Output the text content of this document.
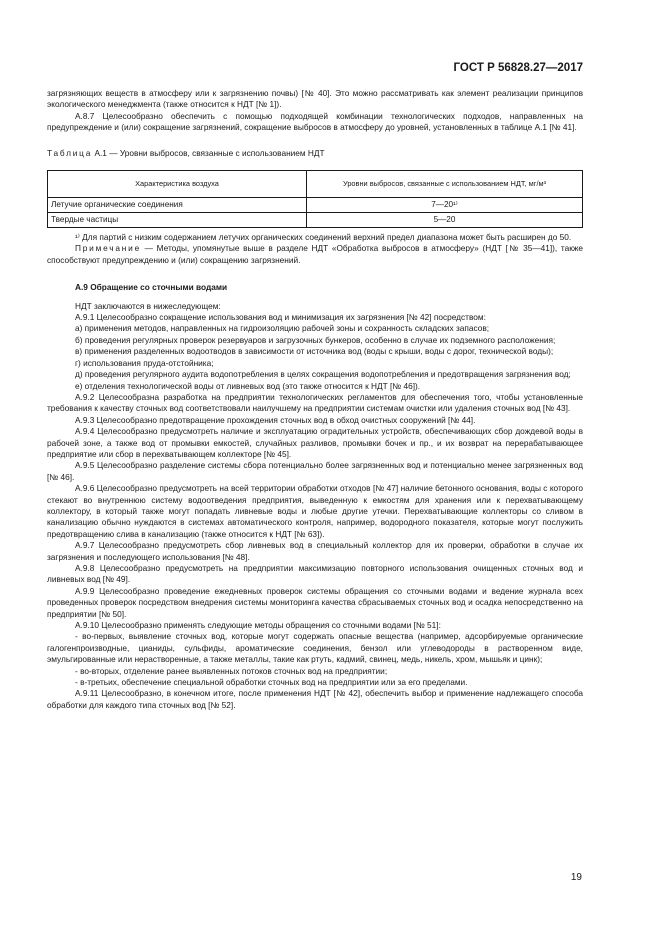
ГОСТ Р 56828.27—2017

загрязняющих веществ в атмосферу или к загрязнению почвы) [№ 40]. Это можно рассматривать как элемент реализации принципов экологического менеджмента (также относится к НДТ [№ 1]).

А.8.7 Целесообразно обеспечить с помощью подходящей комбинации технологических подходов, направленных на предупреждение и (или) сокращение загрязнений, сокращение выбросов в атмосферу до уровней, установленных в таблице А.1 [№ 41].

Таблица А.1 — Уровни выбросов, связанные с использованием НДТ

Характеристика воздуха	Уровни выбросов, связанные с использованием НДТ, мг/м³
Летучие органические соединения	7—20¹⁾
Твердые частицы	5—20

¹⁾ Для партий с низким содержанием летучих органических соединений верхний предел диапазона может быть расширен до 50.

Примечание — Методы, упомянутые выше в разделе НДТ «Обработка выбросов в атмосферу» (НДТ [№ 35—41]), также способствуют предупреждению и (или) сокращению загрязнений.

А.9 Обращение со сточными водами

НДТ заключаются в нижеследующем:

А.9.1 Целесообразно сокращение использования вод и минимизация их загрязнения [№ 42] посредством:

а) применения методов, направленных на гидроизоляцию рабочей зоны и сохранность складских запасов;

б) проведения регулярных проверок резервуаров и загрузочных бункеров, особенно в случае их подземного расположения;

в) применения разделенных водоотводов в зависимости от источника вод (воды с крыши, воды с дорог, технической воды);

г) использования пруда-отстойника;

д) проведения регулярного аудита водопотребления в целях сокращения водопотребления и предотвращения загрязнения вод;

е) отделения технологической воды от ливневых вод (это также относится к НДТ [№ 46]).

А.9.2 Целесообразна разработка на предприятии технологических регламентов для обеспечения того, чтобы установленные требования к качеству сточных вод соответствовали наилучшему на предприятии системам очистки или удаления сточных вод [№ 43].

А.9.3 Целесообразно предотвращение прохождения сточных вод в обход очистных сооружений [№ 44].

А.9.4 Целесообразно предусмотреть наличие и эксплуатацию оградительных устройств, обеспечивающих сбор дождевой воды в рабочей зоне, а также вод от промывки емкостей, случайных разливов, промывки бочек и пр., и их возврат на перерабатывающее предприятие или сбор в перехватывающем коллекторе [№ 45].

А.9.5 Целесообразно разделение системы сбора потенциально более загрязненных вод и потенциально менее загрязненных вод [№ 46].

А.9.6 Целесообразно предусмотреть на всей территории обработки отходов [№ 47] наличие бетонного основания, воды с которого стекают во внутреннюю систему водоотведения предприятия, выведенную к емкостям для хранения или к перехватывающему коллектору, в который также могут попадать ливневые воды и любые другие утечки. Перехватывающие коллекторы со сливом в канализацию обычно нуждаются в системах автоматического контроля, например, водородного показателя, которые могут послужить предотвращению слива в канализацию (также относится к НДТ [№ 63]).

А.9.7 Целесообразно предусмотреть сбор ливневых вод в специальный коллектор для их проверки, обработки в случае их загрязнения и последующего использования [№ 48].

А.9.8 Целесообразно предусмотреть на предприятии максимизацию повторного использования очищенных сточных вод и ливневых вод [№ 49].

А.9.9 Целесообразно проведение ежедневных проверок системы обращения со сточными водами и ведение журнала всех проведенных проверок посредством внедрения системы мониторинга качества сбрасываемых сточных вод и осадка непосредственно на предприятии [№ 50].

А.9.10 Целесообразно применять следующие методы обращения со сточными водами [№ 51]:

- во-первых, выявление сточных вод, которые могут содержать опасные вещества (например, адсорбируемые органические галогенпроизводные, цианиды, сульфиды, ароматические соединения, бензол или углеводороды в растворенном виде, эмульгированные или нерастворенные, а также металлы, такие как ртуть, кадмий, свинец, медь, никель, хром, мышьяк и цинк);

- во-вторых, отделение ранее выявленных потоков сточных вод на предприятии;

- в-третьих, обеспечение специальной обработки сточных вод на предприятии или за его пределами.

А.9.11 Целесообразно, в конечном итоге, после применения НДТ [№ 42], обеспечить выбор и применение надлежащего способа обработки для каждого типа сточных вод [№ 52].

19
